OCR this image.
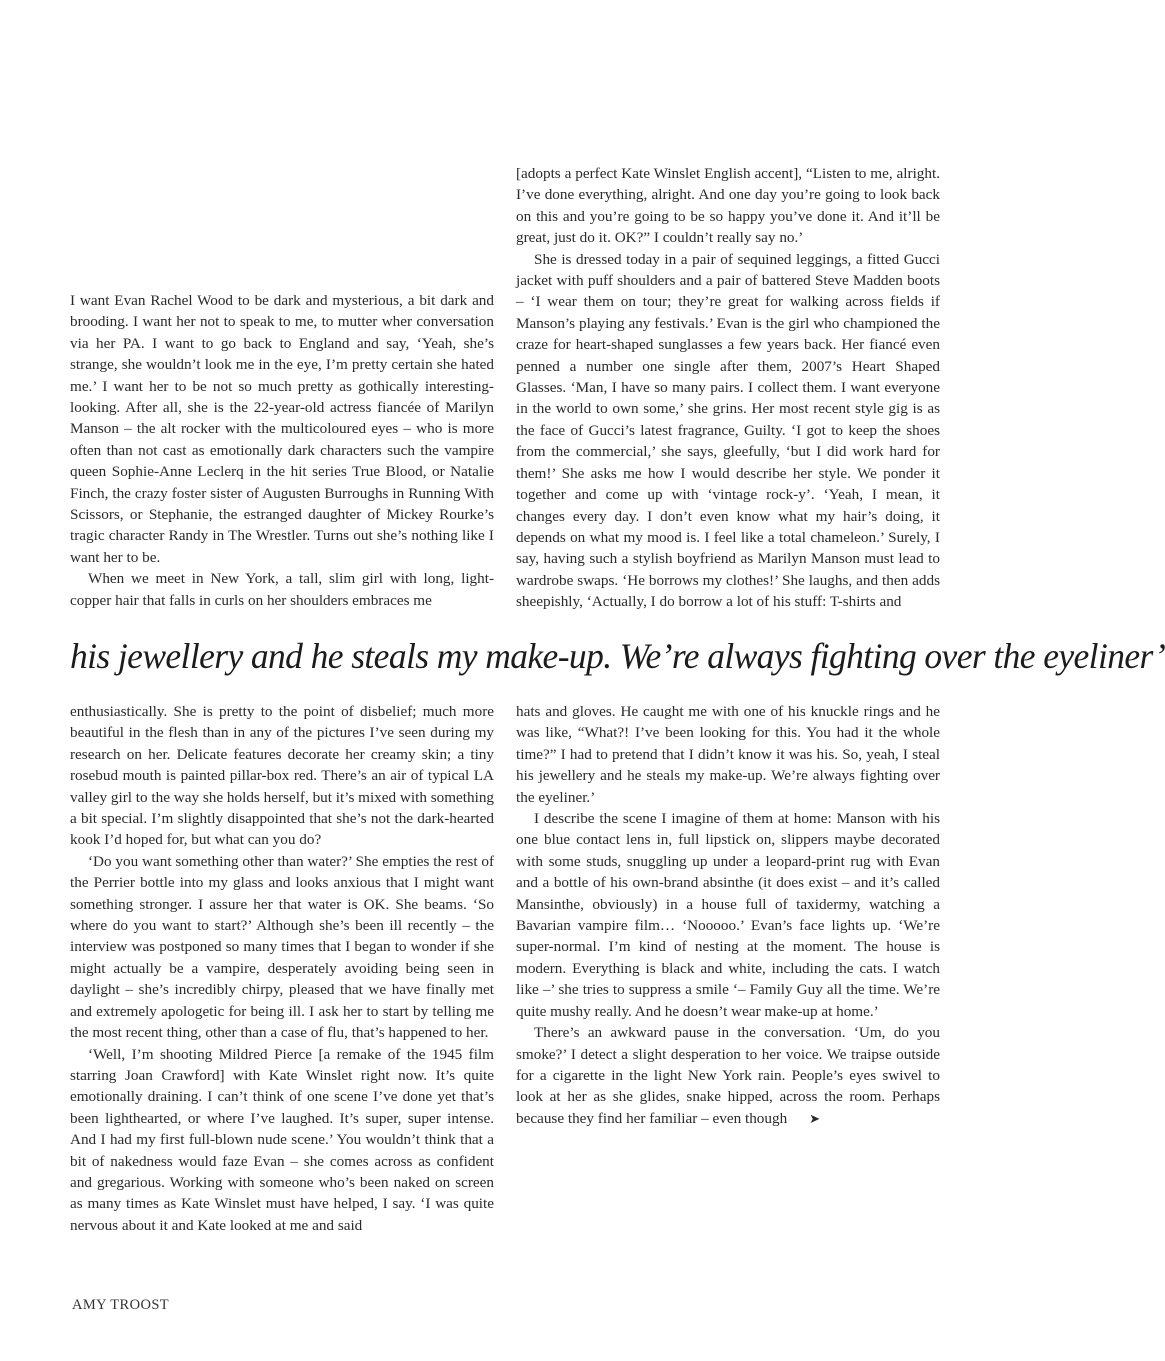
I want Evan Rachel Wood to be dark and mysterious, a bit dark and brooding. I want her not to speak to me, to mutter wher conversation via her PA. I want to go back to England and say, ‘Yeah, she’s strange, she wouldn’t look me in the eye, I’m pretty certain she hated me.’ I want her to be not so much pretty as gothically interesting-looking. After all, she is the 22-year-old actress fiancée of Marilyn Manson – the alt rocker with the multicoloured eyes – who is more often than not cast as emotionally dark characters such the vampire queen Sophie-Anne Leclerq in the hit series True Blood, or Natalie Finch, the crazy foster sister of Augusten Burroughs in Running With Scissors, or Stephanie, the estranged daughter of Mickey Rourke’s tragic character Randy in The Wrestler. Turns out she’s nothing like I want her to be.

When we meet in New York, a tall, slim girl with long, light-copper hair that falls in curls on her shoulders embraces me

[adopts a perfect Kate Winslet English accent], “Listen to me, alright. I’ve done everything, alright. And one day you’re going to look back on this and you’re going to be so happy you’ve done it. And it’ll be great, just do it. OK?” I couldn’t really say no.’

She is dressed today in a pair of sequined leggings, a fitted Gucci jacket with puff shoulders and a pair of battered Steve Madden boots – ‘I wear them on tour; they’re great for walking across fields if Manson’s playing any festivals.’ Evan is the girl who championed the craze for heart-shaped sunglasses a few years back. Her fiancé even penned a number one single after them, 2007’s Heart Shaped Glasses. ‘Man, I have so many pairs. I collect them. I want everyone in the world to own some,’ she grins. Her most recent style gig is as the face of Gucci’s latest fragrance, Guilty. ‘I got to keep the shoes from the commercial,’ she says, gleefully, ‘but I did work hard for them!’ She asks me how I would describe her style. We ponder it together and come up with ‘vintage rock-y’. ‘Yeah, I mean, it changes every day. I don’t even know what my hair’s doing, it depends on what my mood is. I feel like a total chameleon.’ Surely, I say, having such a stylish boyfriend as Marilyn Manson must lead to wardrobe swaps. ‘He borrows my clothes!’ She laughs, and then adds sheepishly, ‘Actually, I do borrow a lot of his stuff: T-shirts and

his jewellery and he steals my make-up. We’re always fighting over the eyeliner’

enthusiastically. She is pretty to the point of disbelief; much more beautiful in the flesh than in any of the pictures I’ve seen during my research on her. Delicate features decorate her creamy skin; a tiny rosebud mouth is painted pillar-box red. There’s an air of typical LA valley girl to the way she holds herself, but it’s mixed with something a bit special. I’m slightly disappointed that she’s not the dark-hearted kook I’d hoped for, but what can you do?

‘Do you want something other than water?’ She empties the rest of the Perrier bottle into my glass and looks anxious that I might want something stronger. I assure her that water is OK. She beams. ‘So where do you want to start?’ Although she’s been ill recently – the interview was postponed so many times that I began to wonder if she might actually be a vampire, desperately avoiding being seen in daylight – she’s incredibly chirpy, pleased that we have finally met and extremely apologetic for being ill. I ask her to start by telling me the most recent thing, other than a case of flu, that’s happened to her.

‘Well, I’m shooting Mildred Pierce [a remake of the 1945 film starring Joan Crawford] with Kate Winslet right now. It’s quite emotionally draining. I can’t think of one scene I’ve done yet that’s been lighthearted, or where I’ve laughed. It’s super, super intense. And I had my first full-blown nude scene.’ You wouldn’t think that a bit of nakedness would faze Evan – she comes across as confident and gregarious. Working with someone who’s been naked on screen as many times as Kate Winslet must have helped, I say. ‘I was quite nervous about it and Kate looked at me and said

hats and gloves. He caught me with one of his knuckle rings and he was like, “What?! I’ve been looking for this. You had it the whole time?” I had to pretend that I didn’t know it was his. So, yeah, I steal his jewellery and he steals my make-up. We’re always fighting over the eyeliner.’

I describe the scene I imagine of them at home: Manson with his one blue contact lens in, full lipstick on, slippers maybe decorated with some studs, snuggling up under a leopard-print rug with Evan and a bottle of his own-brand absinthe (it does exist – and it’s called Mansinthe, obviously) in a house full of taxidermy, watching a Bavarian vampire film… ‘Nooooo.’ Evan’s face lights up. ‘We’re super-normal. I’m kind of nesting at the moment. The house is modern. Everything is black and white, including the cats. I watch like –’ she tries to suppress a smile ‘– Family Guy all the time. We’re quite mushy really. And he doesn’t wear make-up at home.’

There’s an awkward pause in the conversation. ‘Um, do you smoke?’ I detect a slight desperation to her voice. We traipse outside for a cigarette in the light New York rain. People’s eyes swivel to look at her as she glides, snake hipped, across the room. Perhaps because they find her familiar – even though ➤

AMY TROOST
